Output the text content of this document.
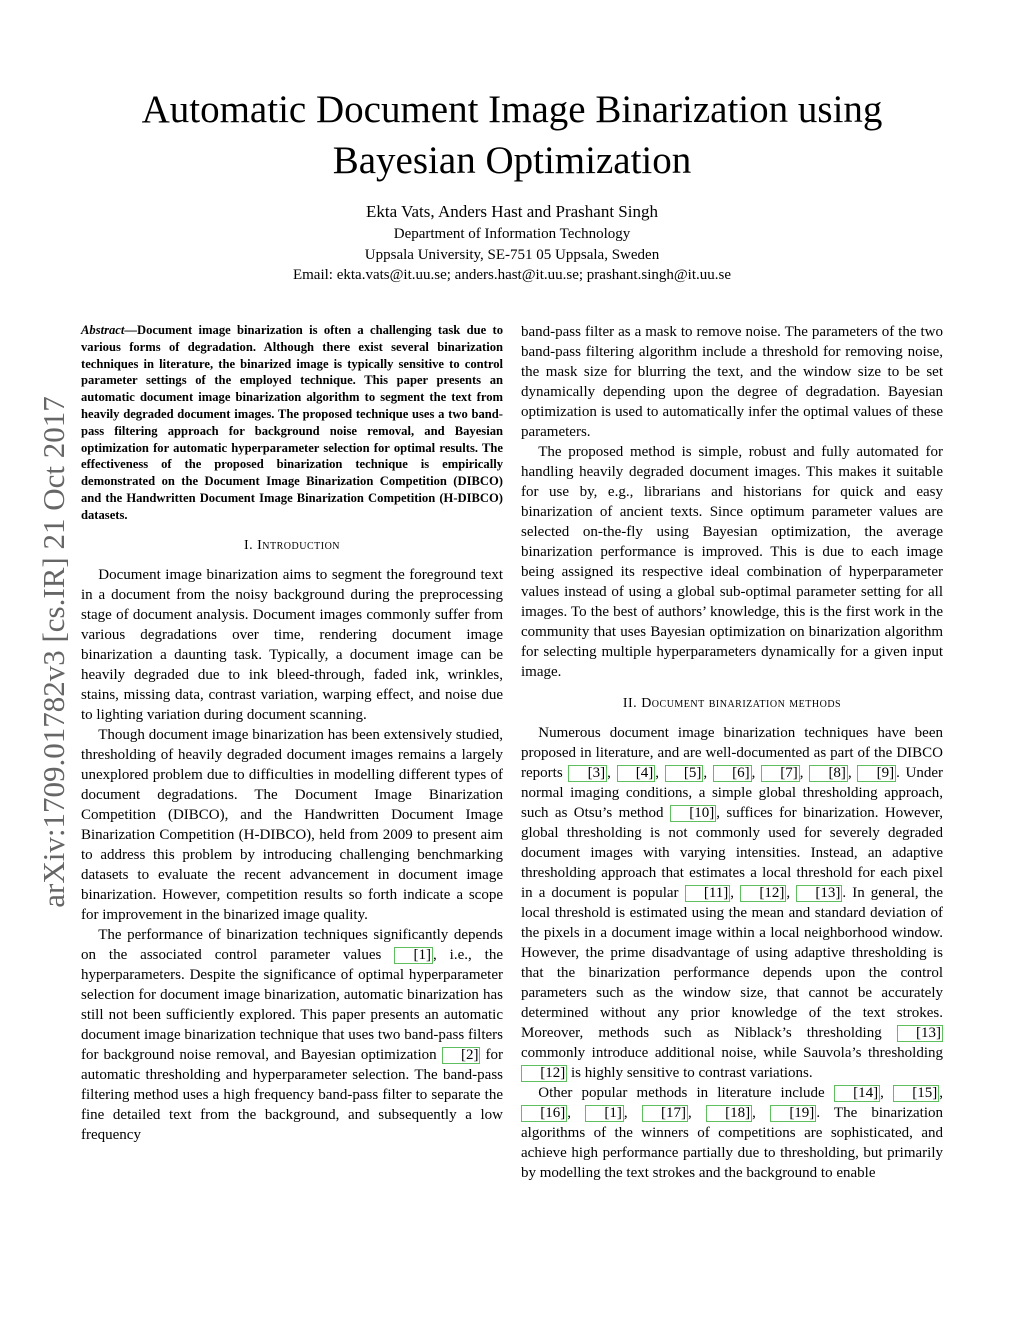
arXiv:1709.01782v3 [cs.IR] 21 Oct 2017
Automatic Document Image Binarization using
Bayesian Optimization
Ekta Vats, Anders Hast and Prashant Singh
Department of Information Technology
Uppsala University, SE-751 05 Uppsala, Sweden
Email: ekta.vats@it.uu.se; anders.hast@it.uu.se; prashant.singh@it.uu.se
Abstract—Document image binarization is often a challenging task due to various forms of degradation. Although there exist several binarization techniques in literature, the binarized image is typically sensitive to control parameter settings of the employed technique. This paper presents an automatic document image binarization algorithm to segment the text from heavily degraded document images. The proposed technique uses a two band-pass filtering approach for background noise removal, and Bayesian optimization for automatic hyperparameter selection for optimal results. The effectiveness of the proposed binarization technique is empirically demonstrated on the Document Image Binarization Competition (DIBCO) and the Handwritten Document Image Binarization Competition (H-DIBCO) datasets.
I. Introduction

Document image binarization aims to segment the foreground text in a document from the noisy background during the preprocessing stage of document analysis. Document images commonly suffer from various degradations over time, rendering document image binarization a daunting task. Typically, a document image can be heavily degraded due to ink bleed-through, faded ink, wrinkles, stains, missing data, contrast variation, warping effect, and noise due to lighting variation during document scanning.

Though document image binarization has been extensively studied, thresholding of heavily degraded document images remains a largely unexplored problem due to difficulties in modelling different types of document degradations. The Document Image Binarization Competition (DIBCO), and the Handwritten Document Image Binarization Competition (H-DIBCO), held from 2009 to present aim to address this problem by introducing challenging benchmarking datasets to evaluate the recent advancement in document image binarization. However, competition results so forth indicate a scope for improvement in the binarized image quality.

The performance of binarization techniques significantly depends on the associated control parameter values [1] , i.e., the hyperparameters. Despite the significance of optimal hyperparameter selection for document image binarization, automatic binarization has still not been sufficiently explored. This paper presents an automatic document image binarization technique that uses two band-pass filters for background noise removal, and Bayesian optimization [2] for automatic thresholding and hyperparameter selection. The band-pass filtering method uses a high frequency band-pass filter to separate the fine detailed text from the background, and subsequently a low frequency

band-pass filter as a mask to remove noise. The parameters of the two band-pass filtering algorithm include a threshold for removing noise, the mask size for blurring the text, and the window size to be set dynamically depending upon the degree of degradation. Bayesian optimization is used to automatically infer the optimal values of these parameters.

The proposed method is simple, robust and fully automated for handling heavily degraded document images. This makes it suitable for use by, e.g., librarians and historians for quick and easy binarization of ancient texts. Since optimum parameter values are selected on-the-fly using Bayesian optimization, the average binarization performance is improved. This is due to each image being assigned its respective ideal combination of hyperparameter values instead of using a global sub-optimal parameter setting for all images. To the best of authors’ knowledge, this is the first work in the community that uses Bayesian optimization on binarization algorithm for selecting multiple hyperparameters dynamically for a given input image.

II. Document binarization methods

Numerous document image binarization techniques have been proposed in literature, and are well-documented as part of the DIBCO reports [3] , [4] , [5] , [6] , [7] , [8] , [9] . Under normal imaging conditions, a simple global thresholding approach, such as Otsu’s method [10] , suffices for binarization. However, global thresholding is not commonly used for severely degraded document images with varying intensities. Instead, an adaptive thresholding approach that estimates a local threshold for each pixel in a document is popular [11] , [12] , [13] . In general, the local threshold is estimated using the mean and standard deviation of the pixels in a document image within a local neighborhood window. However, the prime disadvantage of using adaptive thresholding is that the binarization performance depends upon the control parameters such as the window size, that cannot be accurately determined without any prior knowledge of the text strokes. Moreover, methods such as Niblack’s thresholding [13] commonly introduce additional noise, while Sauvola’s thresholding [12] is highly sensitive to contrast variations.

Other popular methods in literature include [14] , [15] , [16] , [1] , [17] , [18] , [19] . The binarization algorithms of the winners of competitions are sophisticated, and achieve high performance partially due to thresholding, but primarily by modelling the text strokes and the background to enable
